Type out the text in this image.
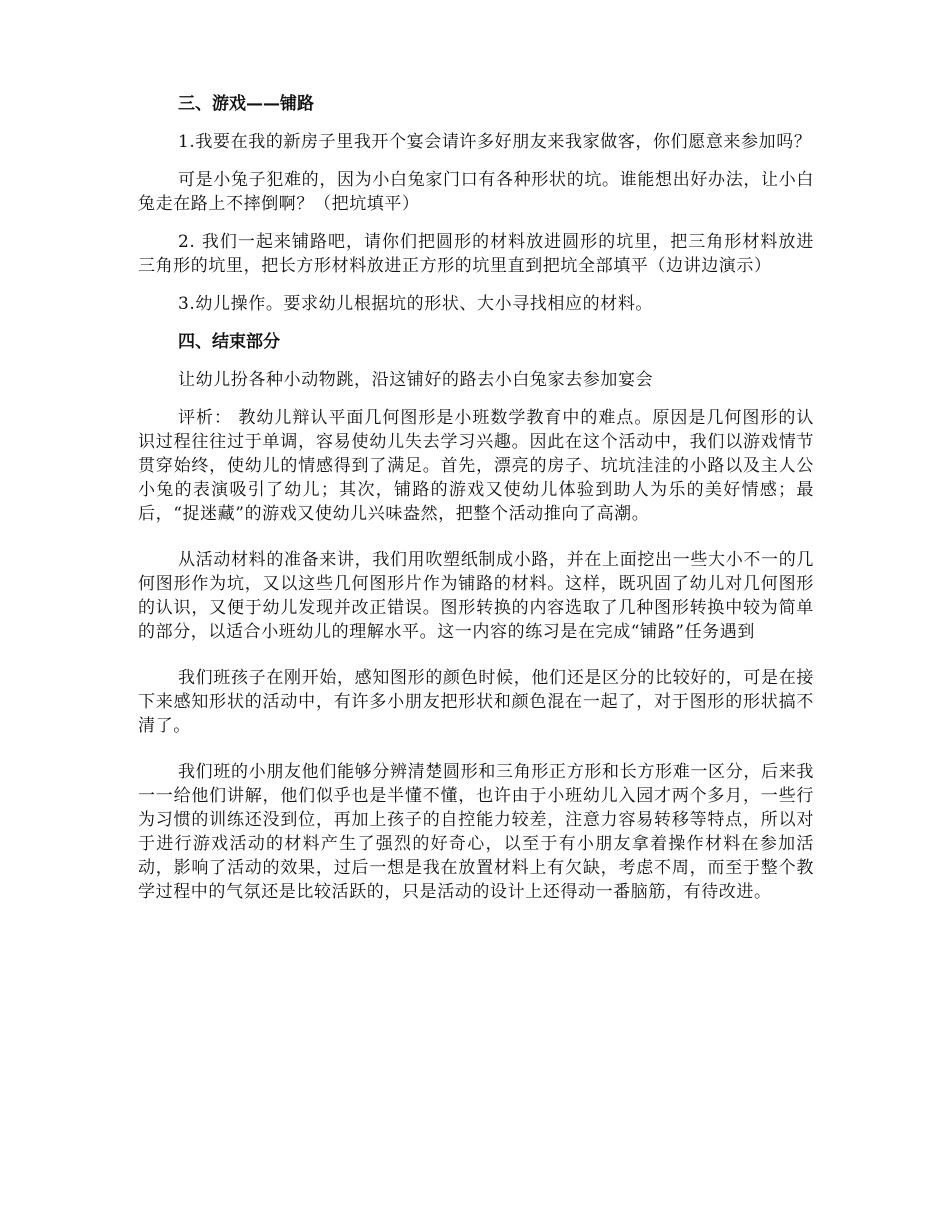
三、游戏——铺路
1.我要在我的新房子里我开个宴会请许多好朋友来我家做客，你们愿意来参加吗？
可是小兔子犯难的，因为小白兔家门口有各种形状的坑。谁能想出好办法，让小白兔走在路上不摔倒啊？（把坑填平）
2. 我们一起来铺路吧，请你们把圆形的材料放进圆形的坑里，把三角形材料放进三角形的坑里，把长方形材料放进正方形的坑里直到把坑全部填平（边讲边演示）
3.幼儿操作。要求幼儿根据坑的形状、大小寻找相应的材料。
四、结束部分
让幼儿扮各种小动物跳，沿这铺好的路去小白兔家去参加宴会
评析： 教幼儿辩认平面几何图形是小班数学教育中的难点。原因是几何图形的认识过程往往过于单调，容易使幼儿失去学习兴趣。因此在这个活动中，我们以游戏情节贯穿始终，使幼儿的情感得到了满足。首先，漂亮的房子、坑坑洼洼的小路以及主人公小兔的表演吸引了幼儿；其次，铺路的游戏又使幼儿体验到助人为乐的美好情感；最后，“捉迷藏”的游戏又使幼儿兴味盎然，把整个活动推向了高潮。
从活动材料的准备来讲，我们用吹塑纸制成小路，并在上面挖出一些大小不一的几何图形作为坑，又以这些几何图形片作为铺路的材料。这样，既巩固了幼儿对几何图形的认识，又便于幼儿发现并改正错误。图形转换的内容选取了几种图形转换中较为简单的部分，以适合小班幼儿的理解水平。这一内容的练习是在完成“铺路”任务遇到
我们班孩子在刚开始，感知图形的颜色时候，他们还是区分的比较好的，可是在接下来感知形状的活动中，有许多小朋友把形状和颜色混在一起了，对于图形的形状搞不清了。
我们班的小朋友他们能够分辨清楚圆形和三角形正方形和长方形难一区分，后来我一一给他们讲解，他们似乎也是半懂不懂，也许由于小班幼儿入园才两个多月，一些行为习惯的训练还没到位，再加上孩子的自控能力较差，注意力容易转移等特点，所以对于进行游戏活动的材料产生了强烈的好奇心，以至于有小朋友拿着操作材料在参加活动，影响了活动的效果，过后一想是我在放置材料上有欠缺，考虑不周，而至于整个教学过程中的气氛还是比较活跃的，只是活动的设计上还得动一番脑筋，有待改进。
